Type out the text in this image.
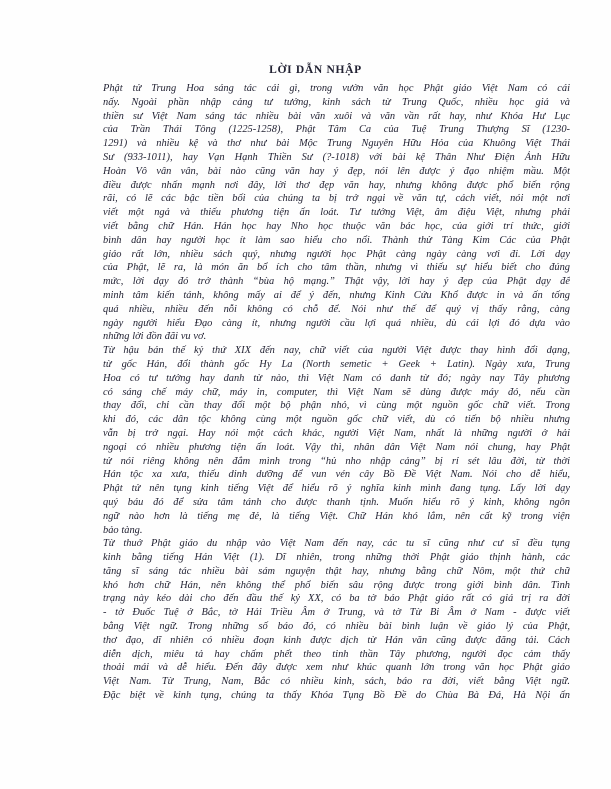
LỜI DẪN NHẬP

Phật tử Trung Hoa sáng tác cái gì, trong vườn văn học Phật giáo Việt Nam có cái
nấy. Ngoài phần nhập cảng tư tưởng, kinh sách từ Trung Quốc, nhiều học giả và
thiền sư Việt Nam sáng tác nhiều bài văn xuôi và văn vần rất hay, như Khóa Hư Lục
của Trần Thái Tông (1225-1258), Phật Tâm Ca của Tuệ Trung Thượng Sĩ (1230-
1291) và nhiều kệ và thơ như bài Mộc Trung Nguyên Hữu Hỏa của Khuông Việt Thái
Sư (933-1011), hay Vạn Hạnh Thiền Sư (?-1018) với bài kệ Thân Như Điện Ảnh Hữu
Hoàn Vô vân vân, bài nào cũng văn hay ý đẹp, nói lên được ý đạo nhiệm mầu. Một
điều được nhấn mạnh nơi đây, lời thơ đẹp văn hay, nhưng không được phổ biến rộng
rãi, có lẽ các bậc tiền bối của chúng ta bị trở ngại về văn tự, cách viết, nói một nơi
viết một ngả và thiếu phương tiện ấn loát. Tư tưởng Việt, âm điệu Việt, nhưng phải
viết bằng chữ Hán. Hán học hay Nho học thuộc văn bác học, của giới trí thức, giới
bình dân hay người học ít làm sao hiểu cho nổi. Thành thử Tàng Kim Các của Phật
giáo rất lớn, nhiều sách quý, nhưng người học Phật càng ngày càng vơi đi. Lời dạy
của Phật, lẽ ra, là món ăn bổ ích cho tâm thần, nhưng vì thiếu sự hiểu biết cho đúng
mức, lời dạy đó trở thành “bùa hộ mạng.” Thật vậy, lời hay ý đẹp của Phật dạy để
minh tâm kiến tánh, không mấy ai để ý đến, nhưng Kinh Cứu Khổ được in và ấn tống
quá nhiều, nhiều đến nỗi không có chỗ để. Nói như thế để quý vị thấy rằng, càng
ngày người hiểu Đạo càng ít, nhưng người cầu lợi quá nhiều, dù cái lợi đó dựa vào
những lời đồn đãi vu vơ.

Từ hậu bán thế kỷ thứ XIX đến nay, chữ viết của người Việt được thay hình đổi dạng,
từ gốc Hán, đổi thành gốc Hy La (North semetic + Geek + Latin). Ngày xưa, Trung
Hoa có tư tưởng hay danh từ nào, thì Việt Nam có danh từ đó; ngày nay Tây phương
có sáng chế máy chữ, máy in, computer, thì Việt Nam sẽ dùng được máy đó, nếu cần
thay đổi, chỉ cần thay đổi một bộ phận nhỏ, vì cùng một nguồn gốc chữ viết. Trong
khi đó, các dân tộc không cùng một nguồn gốc chữ viết, dù có tiến bộ nhiều nhưng
vẫn bị trở ngại. Hay nói một cách khác, người Việt Nam, nhất là những người ở hải
ngoại có nhiều phương tiện ấn loát. Vậy thì, nhân dân Việt Nam nói chung, hay Phật
tử nói riêng không nên đắm mình trong “hủ nho nhập cảng” bị rỉ sét lâu đời, từ thời
Hán tộc xa xưa, thiếu dinh dưỡng để vun vén cây Bồ Đề Việt Nam. Nói cho dễ hiểu,
Phật tử nên tụng kinh tiếng Việt để hiểu rõ ý nghĩa kinh mình đang tụng. Lấy lời dạy
quý báu đó để sửa tâm tánh cho được thanh tịnh. Muốn hiểu rõ ý kinh, không ngôn
ngữ nào hơn là tiếng mẹ đẻ, là tiếng Việt. Chữ Hán khó lắm, nên cất kỹ trong viện
bảo tàng.

Từ thuở Phật giáo du nhập vào Việt Nam đến nay, các tu sĩ cũng như cư sĩ đều tụng
kinh bằng tiếng Hán Việt (1). Dĩ nhiên, trong những thời Phật giáo thịnh hành, các
tăng sĩ sáng tác nhiều bài sám nguyện thật hay, nhưng bằng chữ Nôm, một thứ chữ
khó hơn chữ Hán, nên không thể phổ biến sâu rộng được trong giới bình dân. Tình
trạng này kéo dài cho đến đầu thế kỷ XX, có ba tờ báo Phật giáo rất có giá trị ra đời
- tờ Đuốc Tuệ ở Bắc, tờ Hải Triều Âm ở Trung, và tờ Từ Bi Âm ở Nam - được viết
bằng Việt ngữ. Trong những số báo đó, có nhiều bài bình luận về giáo lý của Phật,
thơ đạo, dĩ nhiên có nhiều đoạn kinh được dịch từ Hán văn cũng được đăng tải. Cách
diễn dịch, miêu tả hay chấm phết theo tinh thần Tây phương, người đọc cảm thấy
thoải mái và dễ hiểu. Đến đây được xem như khúc quanh lớn trong văn học Phật giáo
Việt Nam. Từ Trung, Nam, Bắc có nhiều kinh, sách, báo ra đời, viết bằng Việt ngữ.
Đặc biệt về kinh tụng, chúng ta thấy Khóa Tụng Bồ Đề do Chùa Bà Đá, Hà Nội ấn
